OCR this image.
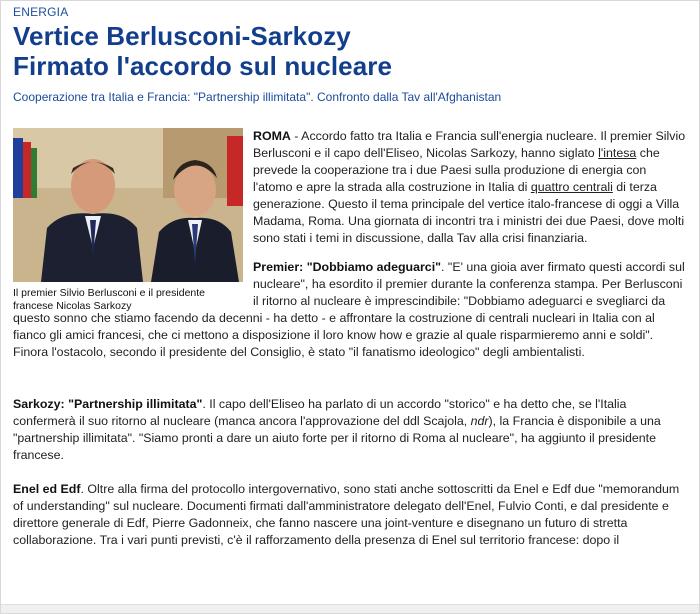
ENERGIA
Vertice Berlusconi-Sarkozy
Firmato l'accordo sul nucleare
Cooperazione tra Italia e Francia: "Partnership illimitata". Confronto dalla Tav all'Afghanistan

ROMA - Accordo fatto tra Italia e Francia sull'energia nucleare. Il premier Silvio Berlusconi e il capo dell'Eliseo, Nicolas Sarkozy, hanno siglato l'intesa che prevede la cooperazione tra i due Paesi sulla produzione di energia con l'atomo e apre la strada alla costruzione in Italia di quattro centrali di terza generazione. Questo il tema principale del vertice italo-francese di oggi a Villa Madama, Roma. Una giornata di incontri tra i ministri dei due Paesi, dove molti sono stati i temi in discussione, dalla Tav alla crisi finanziaria.

Premier: "Dobbiamo adeguarci". "E' una gioia aver firmato questi accordi sul nucleare", ha esordito il premier durante la conferenza stampa. Per Berlusconi il ritorno al nucleare è imprescindibile: "Dobbiamo adeguarci e svegliarci da questo sonno che stiamo facendo da decenni - ha detto - e affrontare la costruzione di centrali nucleari in Italia con al fianco gli amici francesi, che ci mettono a disposizione il loro know how e grazie al quale risparmieremo anni e soldi". Finora l'ostacolo, secondo il presidente del Consiglio, è stato "il fanatismo ideologico" degli ambientalisti.

Sarkozy: "Partnership illimitata". Il capo dell'Eliseo ha parlato di un accordo "storico" e ha detto che, se l'Italia confermerà il suo ritorno al nucleare (manca ancora l'approvazione del ddl Scajola, ndr), la Francia è disponibile a una "partnership illimitata". "Siamo pronti a dare un aiuto forte per il ritorno di Roma al nucleare", ha aggiunto il presidente francese.

Enel ed Edf. Oltre alla firma del protocollo intergovernativo, sono stati anche sottoscritti da Enel e Edf due "memorandum of understanding" sul nucleare. Documenti firmati dall'amministratore delegato dell'Enel, Fulvio Conti, e dal presidente e direttore generale di Edf, Pierre Gadonneix, che fanno nascere una joint-venture e disegnano un futuro di stretta collaborazione. Tra i vari punti previsti, c'è il rafforzamento della presenza di Enel sul territorio francese: dopo il

Il premier Silvio Berlusconi e il presidente francese Nicolas Sarkozy
